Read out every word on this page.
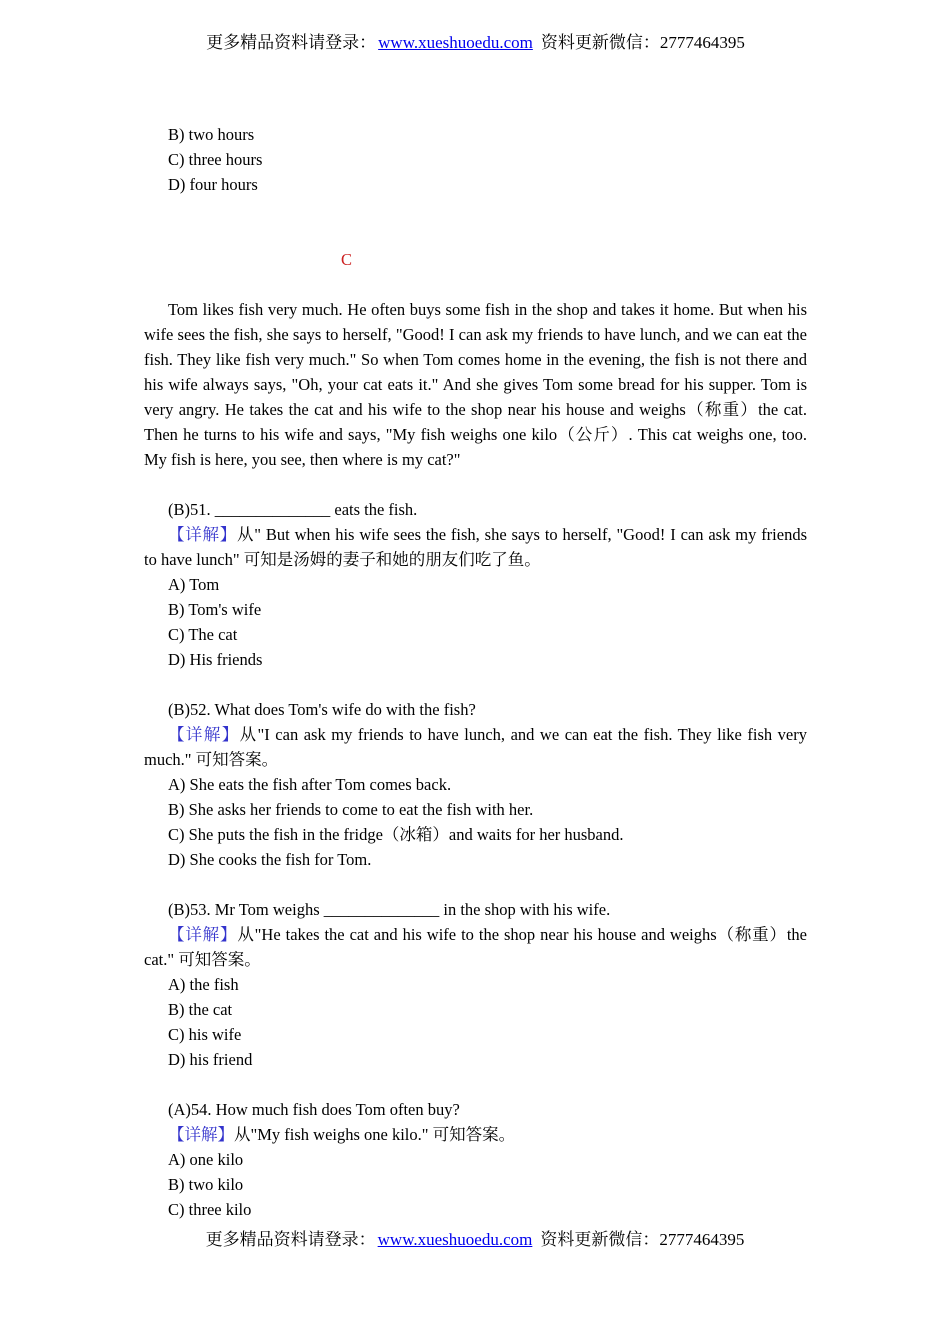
更多精品资料请登录： www.xueshuoedu.com 资料更新微信：2777464395
B) two hours
C) three hours
D) four hours
C

Tom likes fish very much. He often buys some fish in the shop and takes it home. But when his wife sees the fish, she says to herself, "Good! I can ask my friends to have lunch, and we can eat the fish. They like fish very much." So when Tom comes home in the evening, the fish is not there and his wife always says, "Oh, your cat eats it." And she gives Tom some bread for his supper. Tom is very angry. He takes the cat and his wife to the shop near his house and weighs（称重）the cat. Then he turns to his wife and says, "My fish weighs one kilo（公斤）. This cat weighs one, too. My fish is here, you see, then where is my cat?"

(B)51. ______________ eats the fish.

【详解】从" But when his wife sees the fish, she says to herself, "Good! I can ask my friends to have lunch" 可知是汤姆的妻子和她的朋友们吃了鱼。

A) Tom
B) Tom's wife
C) The cat
D) His friends

(B)52. What does Tom's wife do with the fish?

【详解】从"I can ask my friends to have lunch, and we can eat the fish. They like fish very much." 可知答案。

A) She eats the fish after Tom comes back.
B) She asks her friends to come to eat the fish with her.
C) She puts the fish in the fridge（冰箱）and waits for her husband.
D) She cooks the fish for Tom.

(B)53. Mr Tom weighs ______________ in the shop with his wife.

【详解】从"He takes the cat and his wife to the shop near his house and weighs（称重）the cat." 可知答案。

A) the fish
B) the cat
C) his wife
D) his friend

(A)54. How much fish does Tom often buy?

【详解】从"My fish weighs one kilo." 可知答案。

A) one kilo
B) two kilo
C) three kilo
更多精品资料请登录： www.xueshuoedu.com 资料更新微信：2777464395
